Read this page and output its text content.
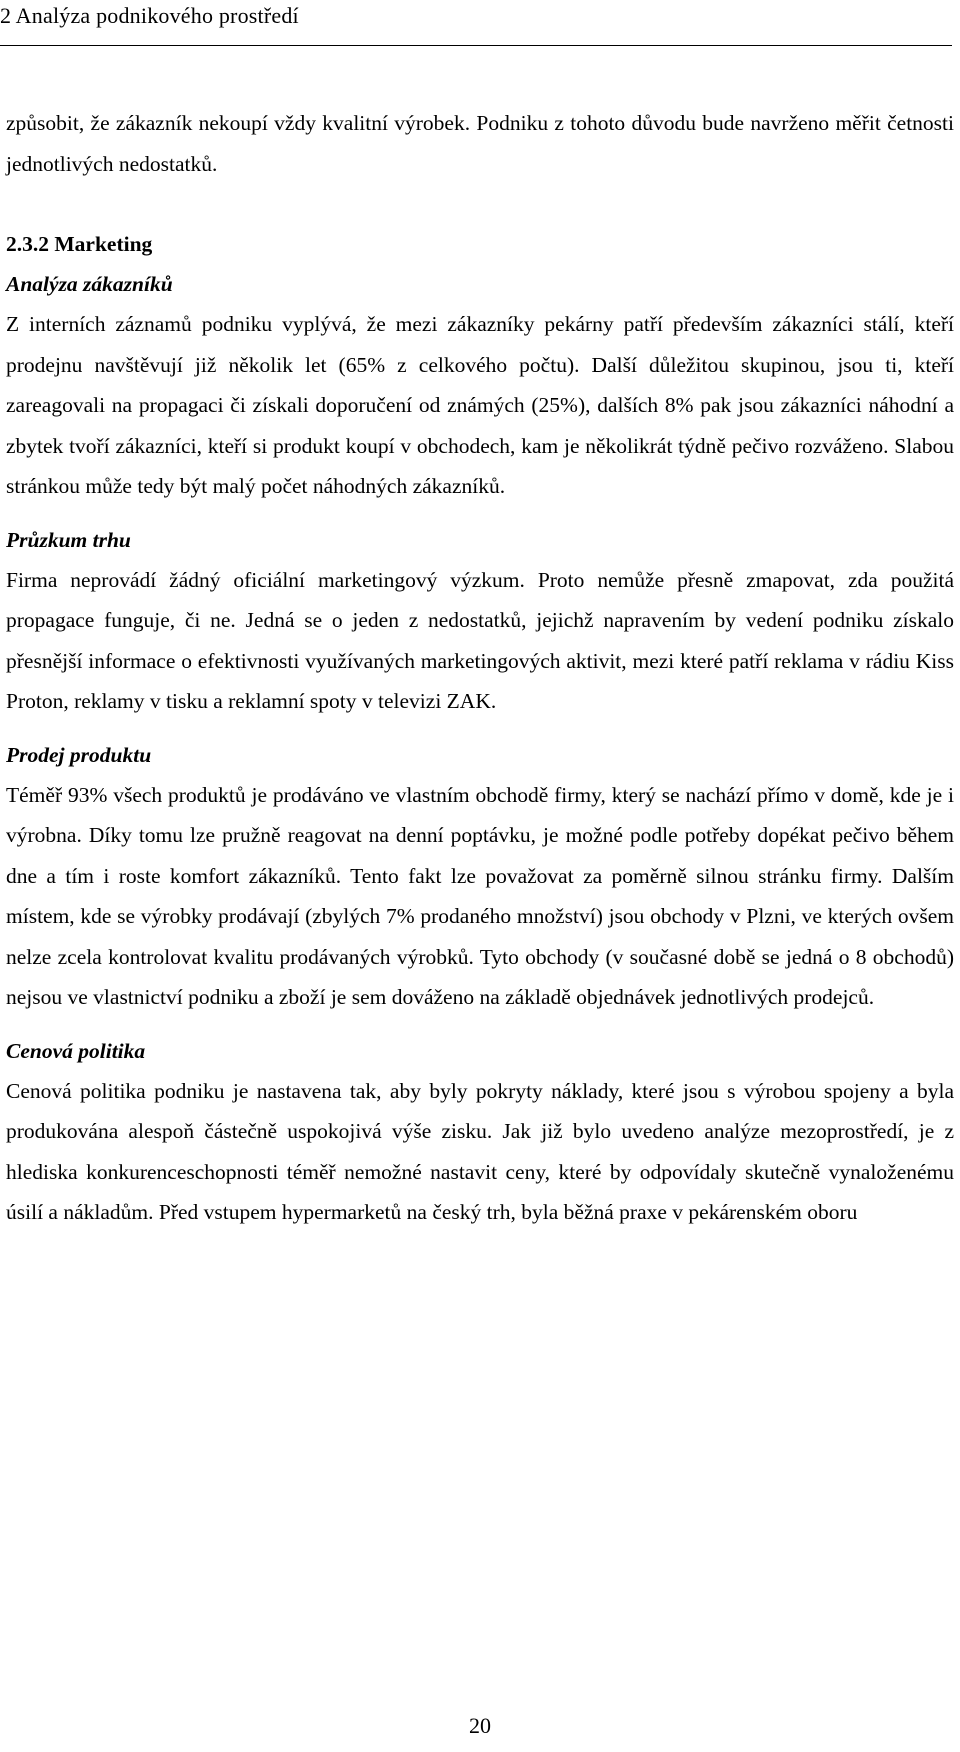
2 Analýza podnikového prostředí

způsobit, že zákazník nekoupí vždy kvalitní výrobek. Podniku z tohoto důvodu bude navrženo měřit četnosti jednotlivých nedostatků.

2.3.2 Marketing
Analýza zákazníků

Z interních záznamů podniku vyplývá, že mezi zákazníky pekárny patří především zákazníci stálí, kteří prodejnu navštěvují již několik let (65% z celkového počtu). Další důležitou skupinou, jsou ti, kteří zareagovali na propagaci či získali doporučení od známých (25%), dalších 8% pak jsou zákazníci náhodní a zbytek tvoří zákazníci, kteří si produkt koupí v obchodech, kam je několikrát týdně pečivo rozváženo. Slabou stránkou může tedy být malý počet náhodných zákazníků.

Průzkum trhu

Firma neprovádí žádný oficiální marketingový výzkum. Proto nemůže přesně zmapovat, zda použitá propagace funguje, či ne. Jedná se o jeden z nedostatků, jejichž napravením by vedení podniku získalo přesnější informace o efektivnosti využívaných marketingových aktivit, mezi které patří reklama v rádiu Kiss Proton, reklamy v tisku a reklamní spoty v televizi ZAK.

Prodej produktu

Téměř 93% všech produktů je prodáváno ve vlastním obchodě firmy, který se nachází přímo v domě, kde je i výrobna. Díky tomu lze pružně reagovat na denní poptávku, je možné podle potřeby dopékat pečivo během dne a tím i roste komfort zákazníků. Tento fakt lze považovat za poměrně silnou stránku firmy. Dalším místem, kde se výrobky prodávají (zbylých 7% prodaného množství) jsou obchody v Plzni, ve kterých ovšem nelze zcela kontrolovat kvalitu prodávaných výrobků. Tyto obchody (v současné době se jedná o 8 obchodů) nejsou ve vlastnictví podniku a zboží je sem dováženo na základě objednávek jednotlivých prodejců.

Cenová politika

Cenová politika podniku je nastavena tak, aby byly pokryty náklady, které jsou s výrobou spojeny a byla produkována alespoň částečně uspokojivá výše zisku. Jak již bylo uvedeno analýze mezoprostředí, je z hlediska konkurenceschopnosti téměř nemožné nastavit ceny, které by odpovídaly skutečně vynaloženému úsilí a nákladům. Před vstupem hypermarketů na český trh, byla běžná praxe v pekárenském oboru

20
